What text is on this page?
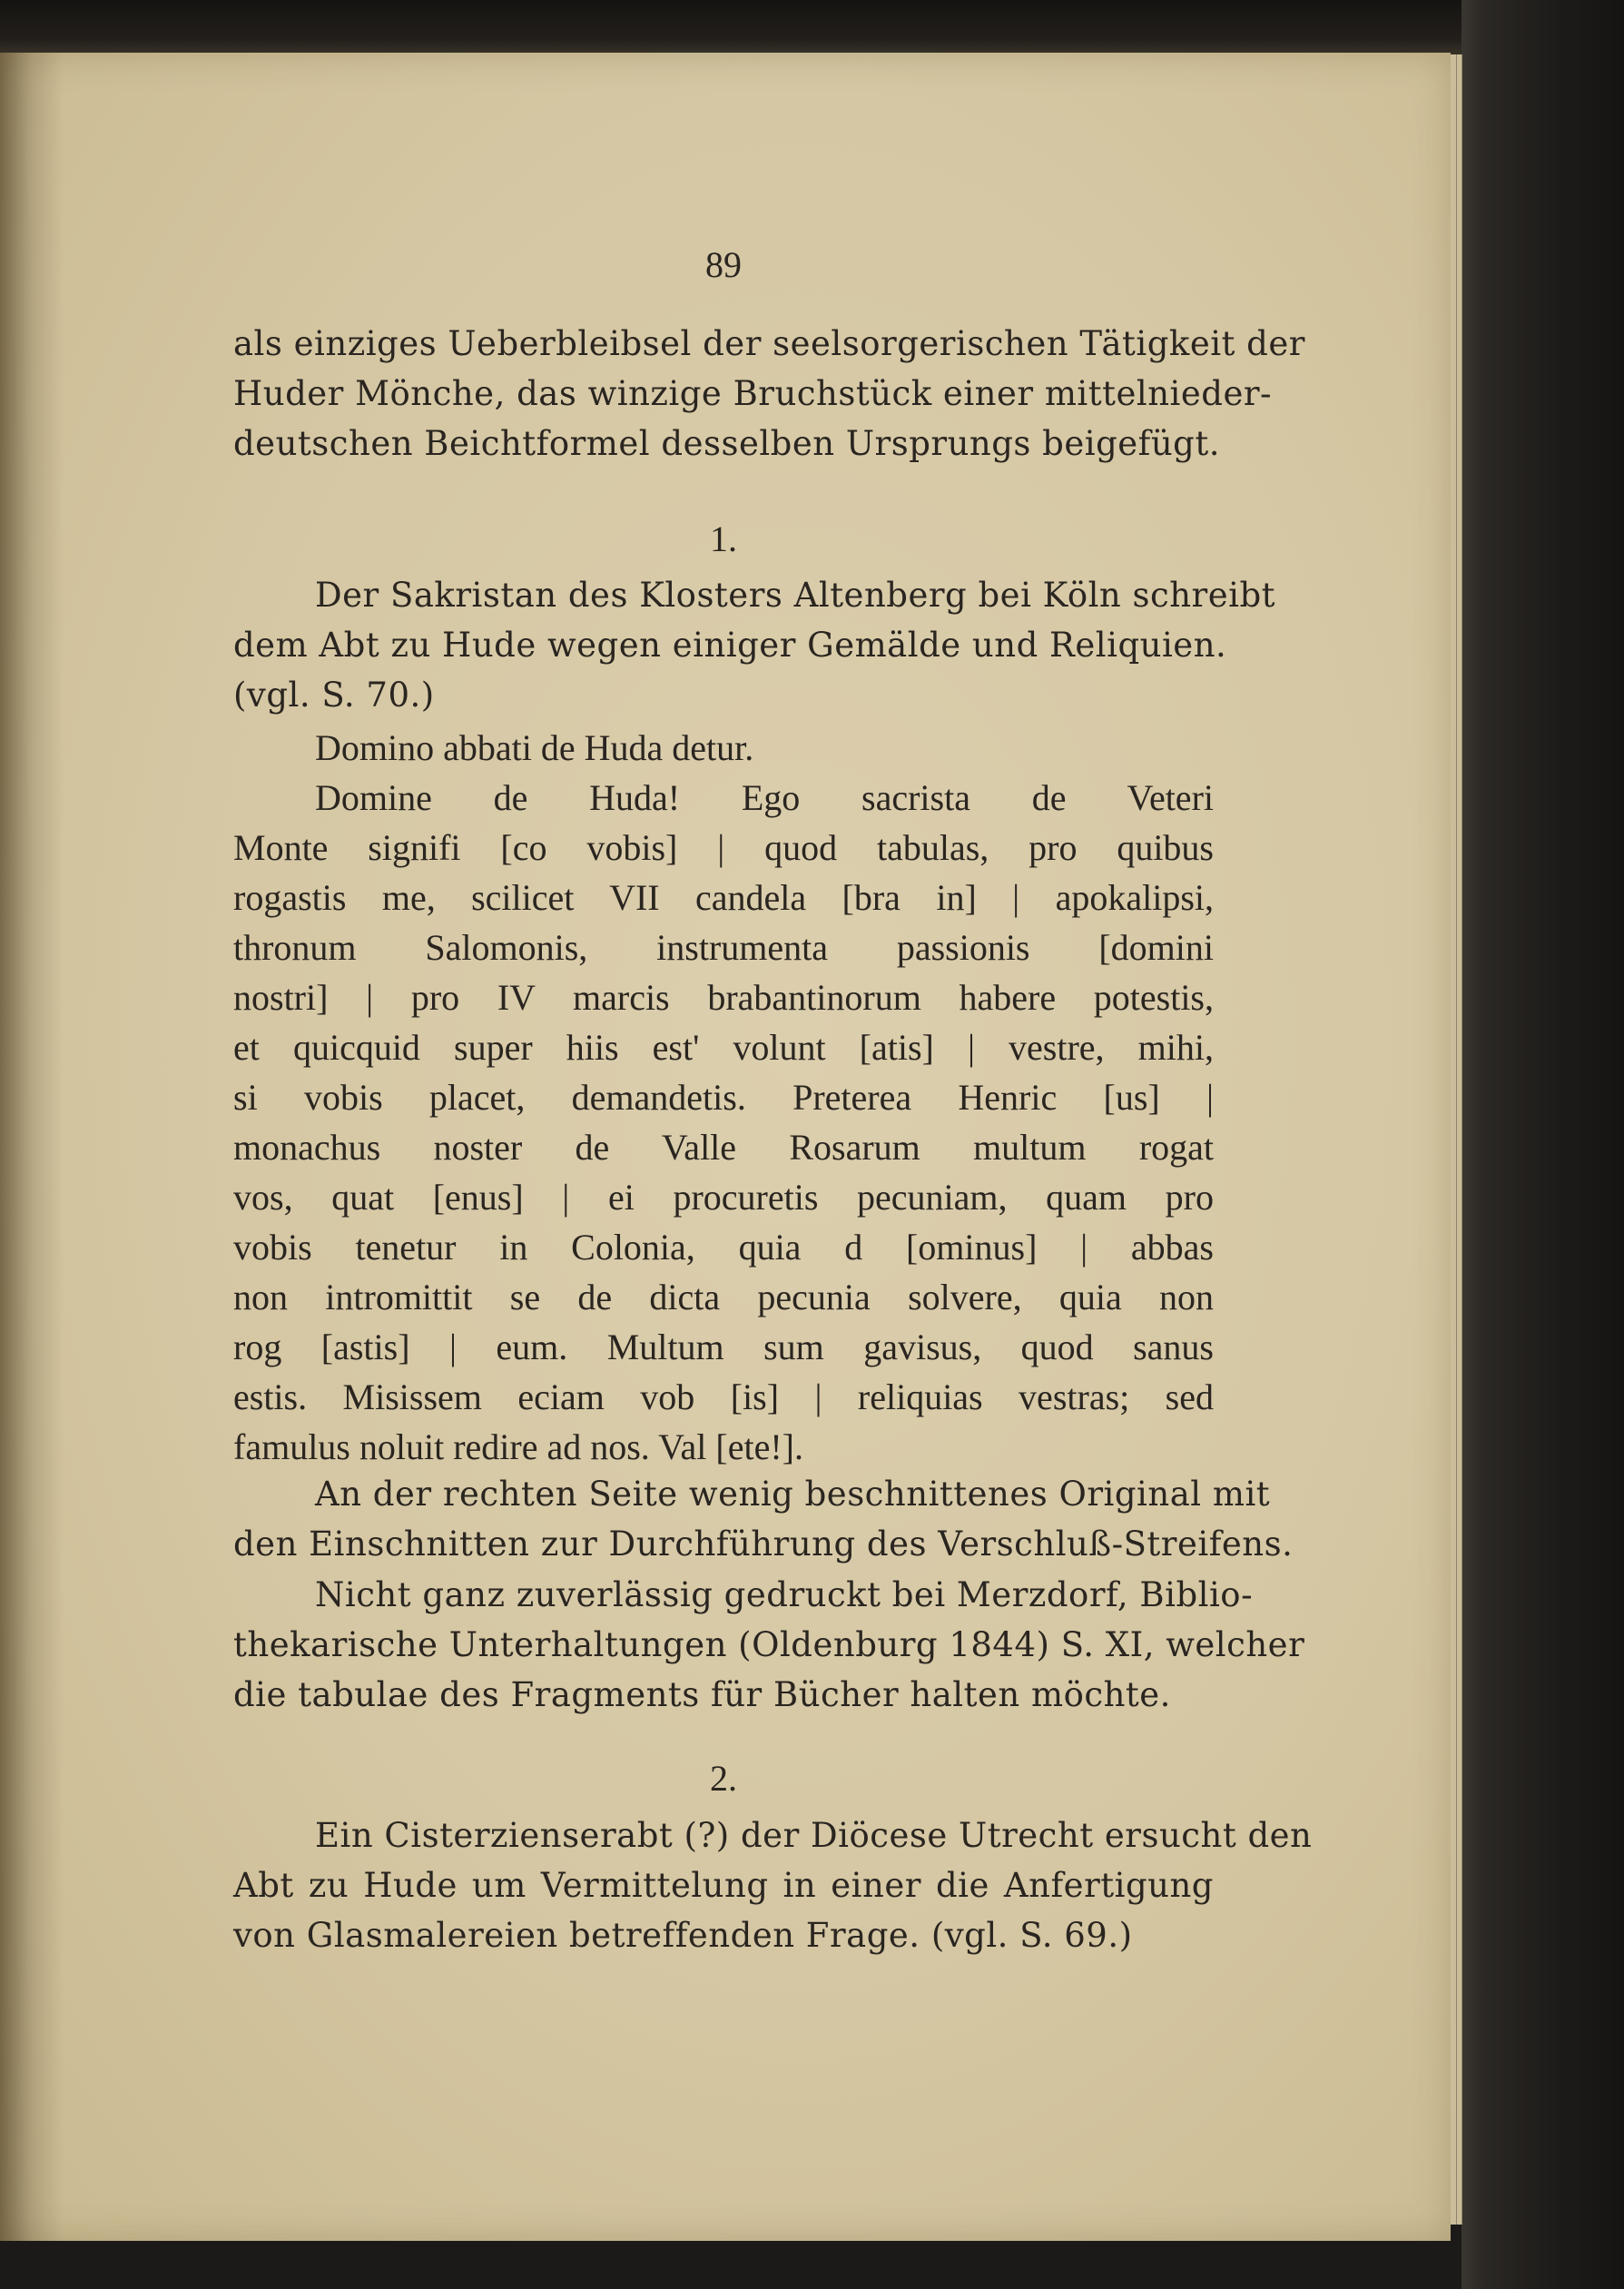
89
als einziges Ueberbleibsel der seelsorgerischen Tätigkeit der
Huder Mönche, das winzige Bruchstück einer mittelnieder-
deutschen Beichtformel desselben Ursprungs beigefügt.
1.
Der Sakristan des Klosters Altenberg bei Köln schreibt
dem Abt zu Hude wegen einiger Gemälde und Reliquien.
(vgl. S. 70.)
Domino abbati de Huda detur.
Domine de Huda! Ego sacrista de Veteri
Monte signifi [co vobis] | quod tabulas, pro quibus
rogastis me, scilicet VII candela [bra in] | apokalipsi,
thronum Salomonis, instrumenta passionis [domini
nostri] | pro IV marcis brabantinorum habere potestis,
et quicquid super hiis est' volunt [atis] | vestre, mihi,
si vobis placet, demandetis. Preterea Henric [us] |
monachus noster de Valle Rosarum multum rogat
vos, quat [enus] | ei procuretis pecuniam, quam pro
vobis tenetur in Colonia, quia d [ominus] | abbas
non intromittit se de dicta pecunia solvere, quia non
rog [astis] | eum. Multum sum gavisus, quod sanus
estis. Misissem eciam vob [is] | reliquias vestras; sed
famulus noluit redire ad nos. Val [ete!].
An der rechten Seite wenig beschnittenes Original mit
den Einschnitten zur Durchführung des Verschluß-Streifens.
Nicht ganz zuverlässig gedruckt bei Merzdorf, Biblio-
thekarische Unterhaltungen (Oldenburg 1844) S. XI, welcher
die tabulae des Fragments für Bücher halten möchte.
2.
Ein Cisterzienserabt (?) der Diöcese Utrecht ersucht den
Abt zu Hude um Vermittelung in einer die Anfertigung
von Glasmalereien betreffenden Frage. (vgl. S. 69.)
